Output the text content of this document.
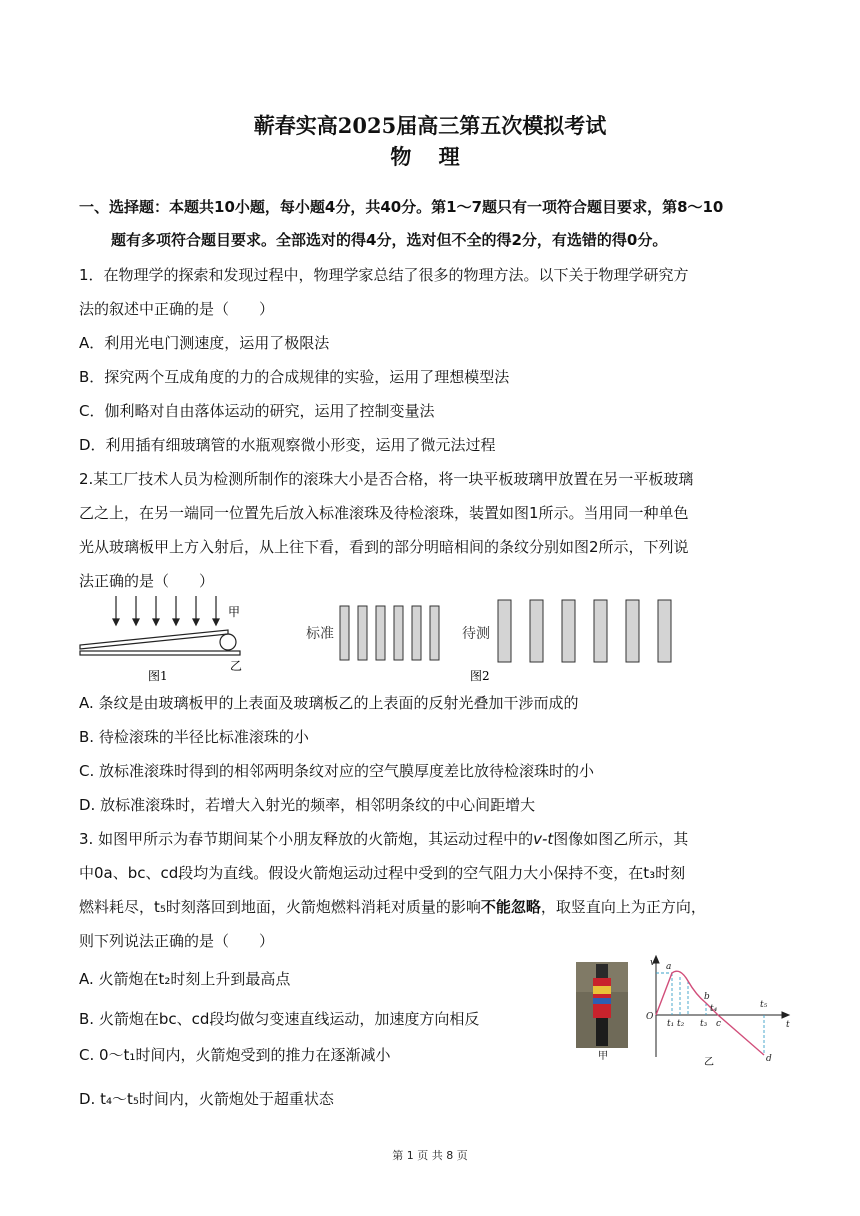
蕲春实高2025届高三第五次模拟考试
物 理
一、选择题：本题共10小题，每小题4分，共40分。第1～7题只有一项符合题目要求，第8～10
题有多项符合题目要求。全部选对的得4分，选对但不全的得2分，有选错的得0分。
1．在物理学的探索和发现过程中，物理学家总结了很多的物理方法。以下关于物理学研究方
法的叙述中正确的是（　　）
A．利用光电门测速度，运用了极限法
B．探究两个互成角度的力的合成规律的实验，运用了理想模型法
C．伽利略对自由落体运动的研究，运用了控制变量法
D．利用插有细玻璃管的水瓶观察微小形变，运用了微元法过程
2.某工厂技术人员为检测所制作的滚珠大小是否合格，将一块平板玻璃甲放置在另一平板玻璃
乙之上，在另一端同一位置先后放入标准滚珠及待检滚珠，装置如图1所示。当用同一种单色
光从玻璃板甲上方入射后，从上往下看，看到的部分明暗相间的条纹分别如图2所示，下列说
法正确的是（　　）
甲
乙
图1
标准	待测
图2
A. 条纹是由玻璃板甲的上表面及玻璃板乙的上表面的反射光叠加干涉而成的
B. 待检滚珠的半径比标准滚珠的小
C. 放标准滚珠时得到的相邻两明条纹对应的空气膜厚度差比放待检滚珠时的小
D. 放标准滚珠时，若增大入射光的频率，相邻明条纹的中心间距增大
3. 如图甲所示为春节期间某个小朋友释放的火箭炮，其运动过程中的v-t图像如图乙所示，其
中0a、bc、cd段均为直线。假设火箭炮运动过程中受到的空气阻力大小保持不变，在t₃时刻
燃料耗尽，t₅时刻落回到地面，火箭炮燃料消耗对质量的影响不能忽略，取竖直向上为正方向，
则下列说法正确的是（　　）
A. 火箭炮在t₂时刻上升到最高点
B. 火箭炮在bc、cd段均做匀变速直线运动，加速度方向相反
C. 0～t₁时间内，火箭炮受到的推力在逐渐减小
D. t₄～t₅时间内，火箭炮处于超重状态
甲
v
t
O
a
b
c
d
t₁ t₂ t₃
t₄	t₅
乙
第 1 页 共 8 页
